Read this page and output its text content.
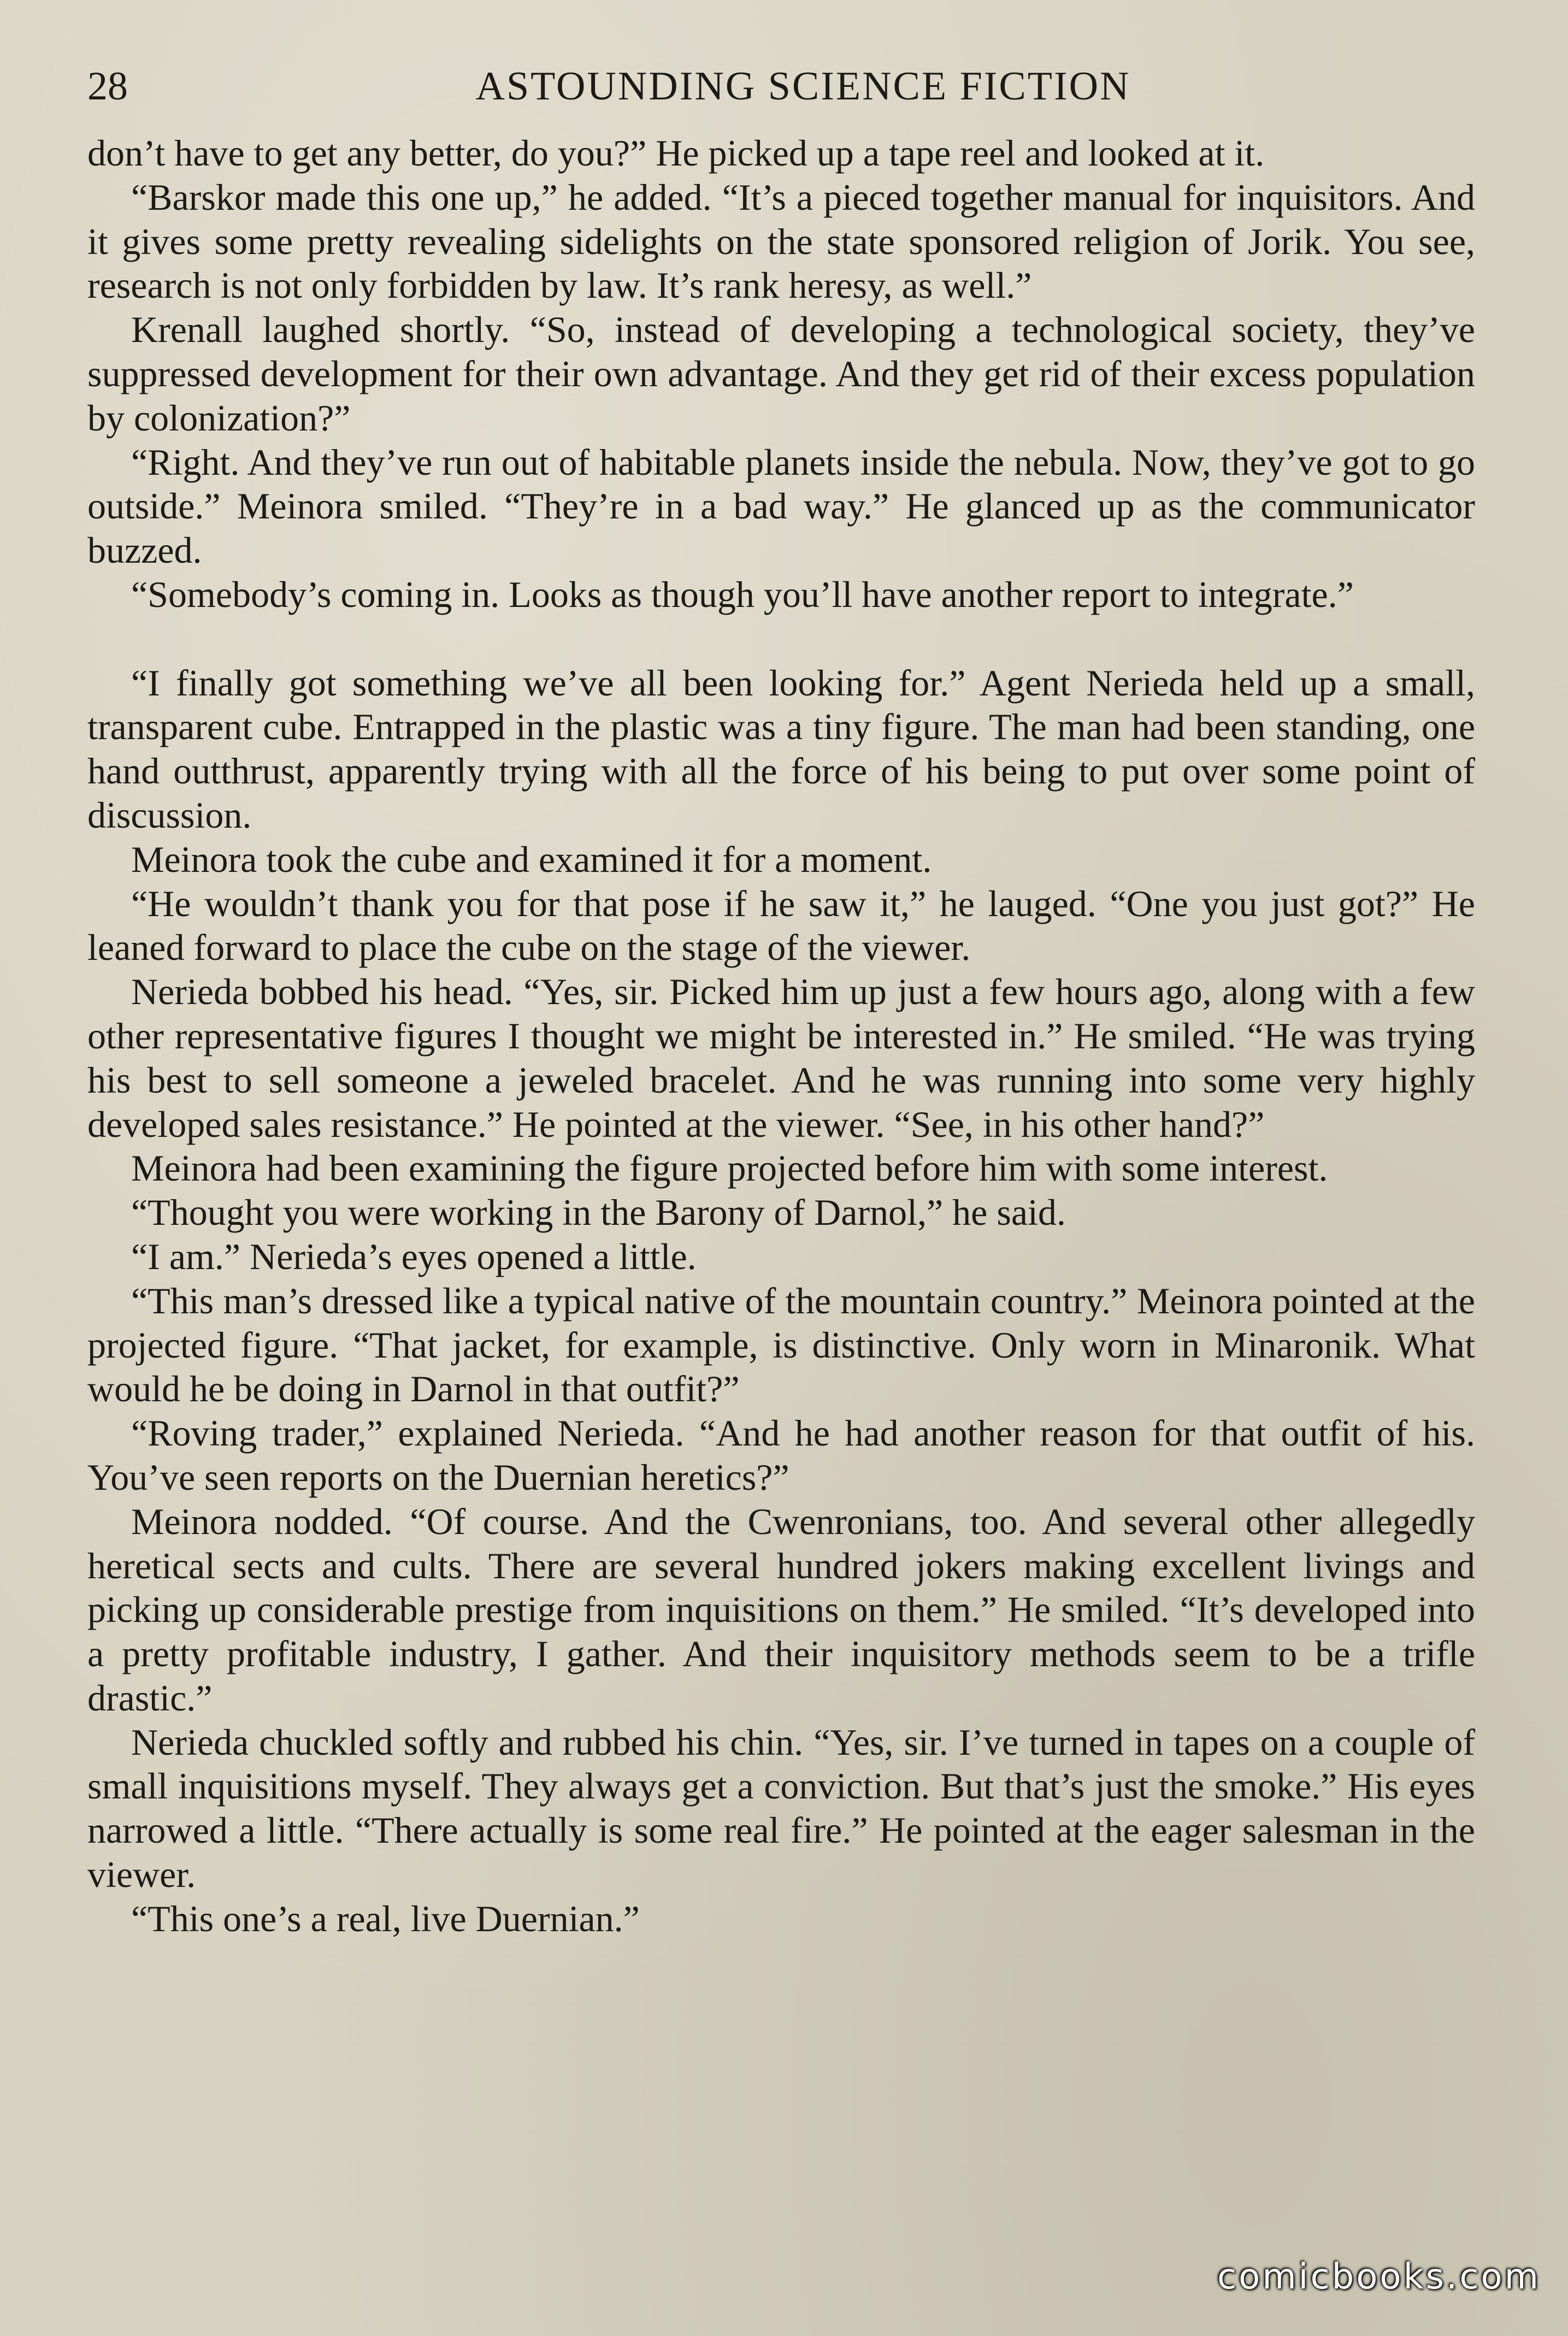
28	ASTOUNDING SCIENCE FICTION

don’t have to get any better, do you?” He picked up a tape reel and looked at it.

“Barskor made this one up,” he added. “It’s a pieced together manual for inquisitors. And it gives some pretty revealing sidelights on the state sponsored religion of Jorik. You see, research is not only forbidden by law. It’s rank heresy, as well.”

Krenall laughed shortly. “So, instead of developing a technological society, they’ve suppressed development for their own advantage. And they get rid of their excess population by colonization?”

“Right. And they’ve run out of habitable planets inside the nebula. Now, they’ve got to go outside.” Meinora smiled. “They’re in a bad way.” He glanced up as the communicator buzzed.

“Somebody’s coming in. Looks as though you’ll have another report to integrate.”

“I finally got something we’ve all been looking for.” Agent Nerieda held up a small, transparent cube. Entrapped in the plastic was a tiny figure. The man had been standing, one hand outthrust, apparently trying with all the force of his being to put over some point of discussion.

Meinora took the cube and examined it for a moment.

“He wouldn’t thank you for that pose if he saw it,” he lauged. “One you just got?” He leaned forward to place the cube on the stage of the viewer.

Nerieda bobbed his head. “Yes, sir. Picked him up just a few hours ago, along with a few other representative figures I thought we might be interested in.” He smiled. “He was trying his best to sell someone a jeweled bracelet. And he was running into some very highly developed sales resistance.” He pointed at the viewer. “See, in his other hand?”

Meinora had been examining the figure projected before him with some interest.

“Thought you were working in the Barony of Darnol,” he said.

“I am.” Nerieda’s eyes opened a little.

“This man’s dressed like a typical native of the mountain country.” Meinora pointed at the projected figure. “That jacket, for example, is distinctive. Only worn in Minaronik. What would he be doing in Darnol in that outfit?”

“Roving trader,” explained Nerieda. “And he had another reason for that outfit of his. You’ve seen reports on the Duernian heretics?”

Meinora nodded. “Of course. And the Cwenronians, too. And several other allegedly heretical sects and cults. There are several hundred jokers making excellent livings and picking up considerable prestige from inquisitions on them.” He smiled. “It’s developed into a pretty profitable industry, I gather. And their inquisitory methods seem to be a trifle drastic.”

Nerieda chuckled softly and rubbed his chin. “Yes, sir. I’ve turned in tapes on a couple of small inquisitions myself. They always get a conviction. But that’s just the smoke.” His eyes narrowed a little. “There actually is some real fire.” He pointed at the eager salesman in the viewer.

“This one’s a real, live Duernian.”

comicbooks.com
